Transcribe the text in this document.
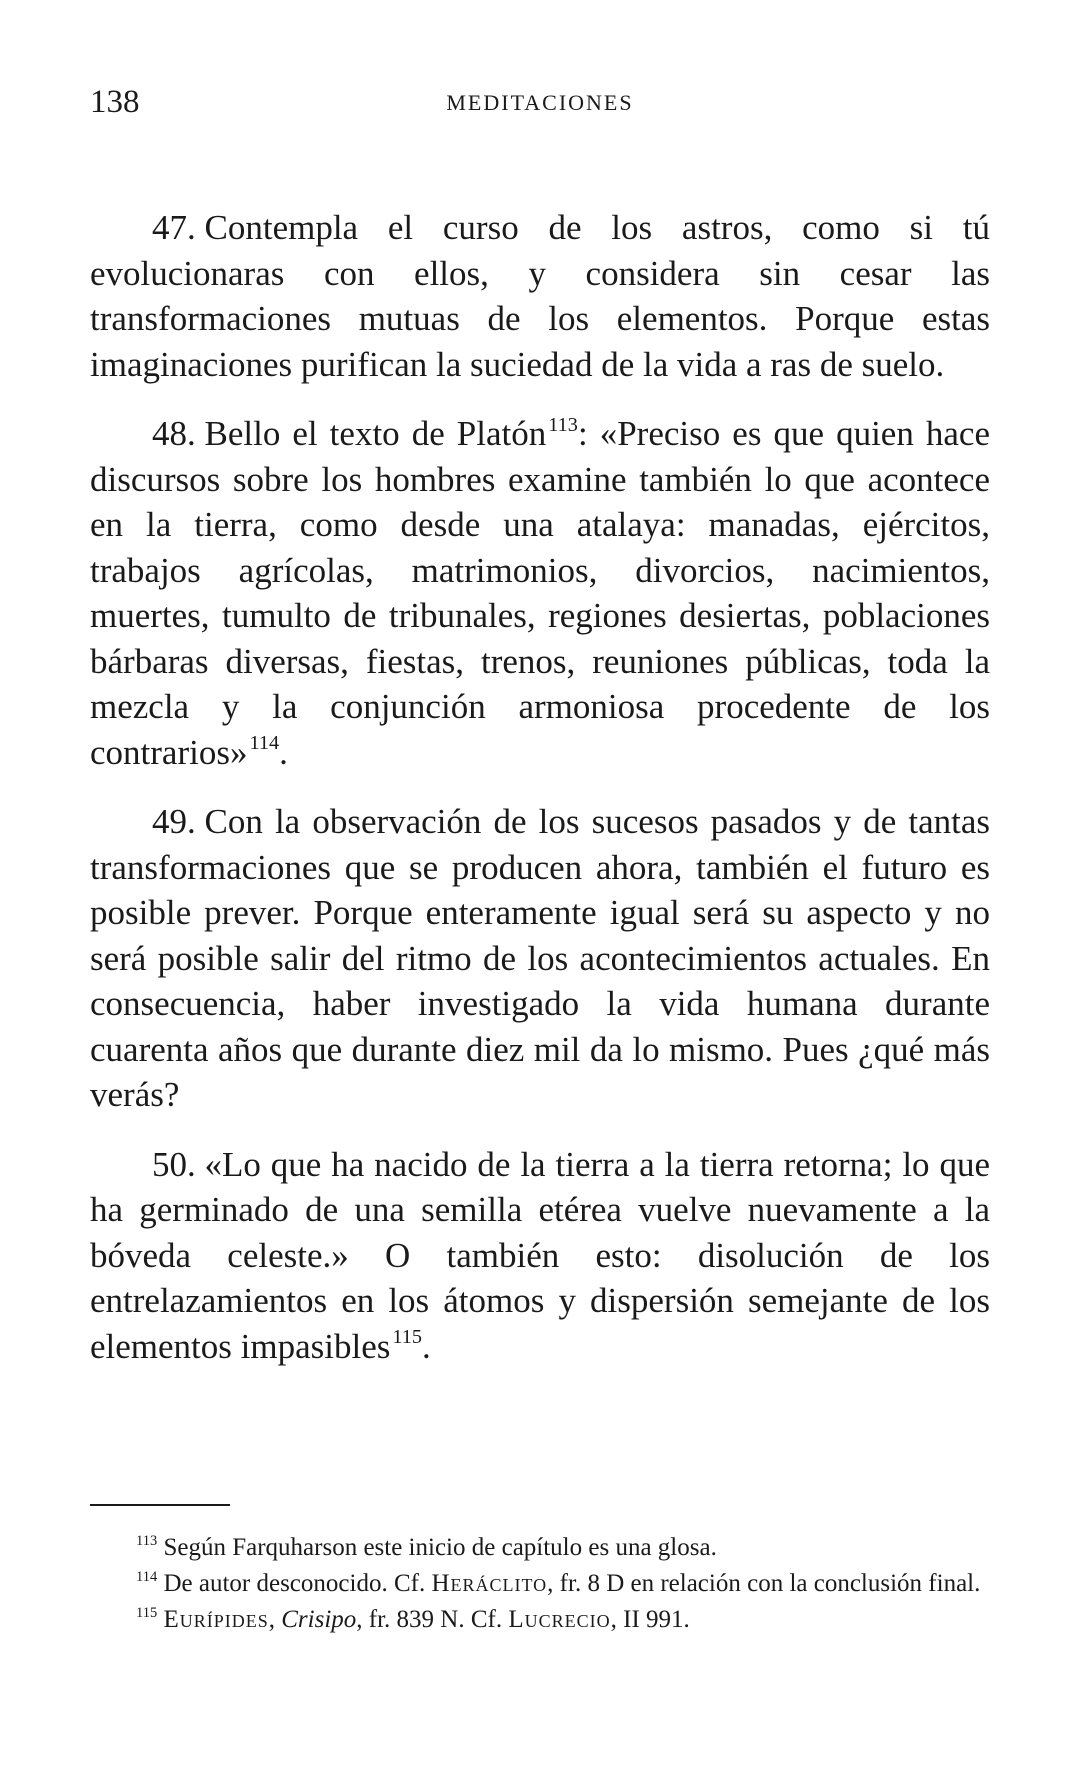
138	MEDITACIONES

47. Contempla el curso de los astros, como si tú evolucionaras con ellos, y considera sin cesar las transformaciones mutuas de los elementos. Porque estas imaginaciones purifican la suciedad de la vida a ras de suelo.

48. Bello el texto de Platón$^{113}$: «Preciso es que quien hace discursos sobre los hombres examine también lo que acontece en la tierra, como desde una atalaya: manadas, ejércitos, trabajos agrícolas, matrimonios, divorcios, nacimientos, muertes, tumulto de tribunales, regiones desiertas, poblaciones bárbaras diversas, fiestas, trenos, reuniones públicas, toda la mezcla y la conjunción armoniosa procedente de los contrarios»$^{114}$.

49. Con la observación de los sucesos pasados y de tantas transformaciones que se producen ahora, también el futuro es posible prever. Porque enteramente igual será su aspecto y no será posible salir del ritmo de los acontecimientos actuales. En consecuencia, haber investigado la vida humana durante cuarenta años que durante diez mil da lo mismo. Pues ¿qué más verás?

50. «Lo que ha nacido de la tierra a la tierra retorna; lo que ha germinado de una semilla etérea vuelve nuevamente a la bóveda celeste.» O también esto: disolución de los entrelazamientos en los átomos y dispersión semejante de los elementos impasibles$^{115}$.

$^{113}$ Según Farquharson este inicio de capítulo es una glosa.

$^{114}$ De autor desconocido. Cf. Heráclito, fr. 8 D en relación con la conclusión final.

$^{115}$ Eurípides, Crisipo, fr. 839 N. Cf. Lucrecio, II 991.
